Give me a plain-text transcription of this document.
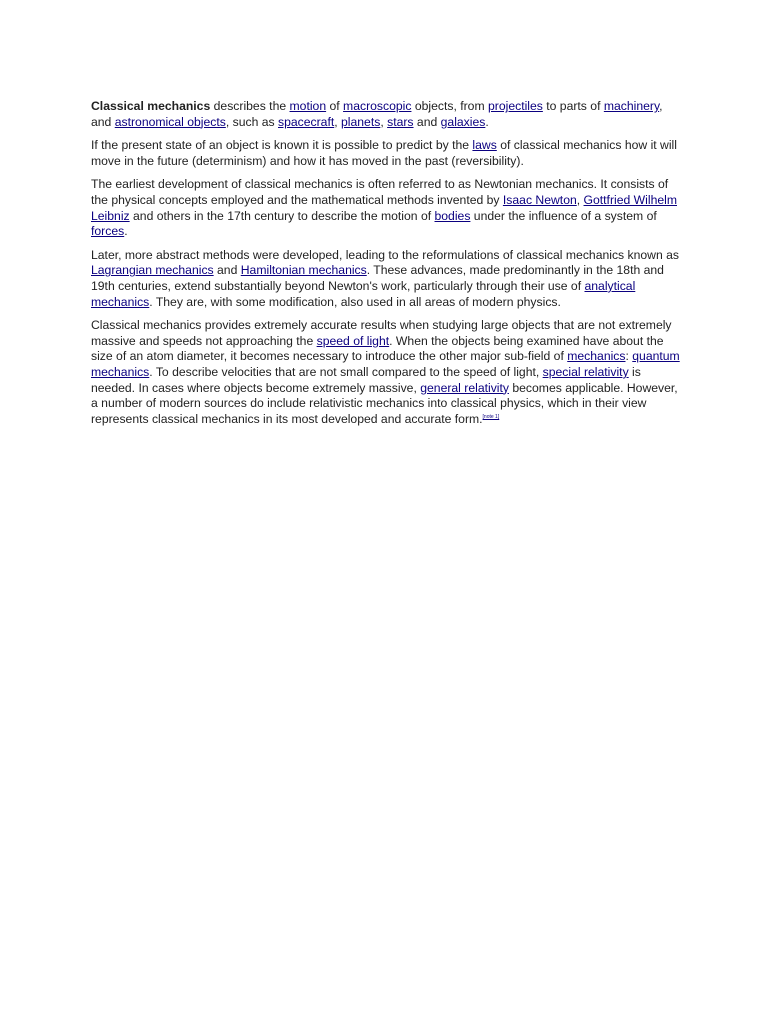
Classical mechanics describes the motion of macroscopic objects, from projectiles to parts of machinery, and astronomical objects, such as spacecraft, planets, stars and galaxies.

If the present state of an object is known it is possible to predict by the laws of classical mechanics how it will move in the future (determinism) and how it has moved in the past (reversibility).

The earliest development of classical mechanics is often referred to as Newtonian mechanics. It consists of the physical concepts employed and the mathematical methods invented by Isaac Newton, Gottfried Wilhelm Leibniz and others in the 17th century to describe the motion of bodies under the influence of a system of forces.

Later, more abstract methods were developed, leading to the reformulations of classical mechanics known as Lagrangian mechanics and Hamiltonian mechanics. These advances, made predominantly in the 18th and 19th centuries, extend substantially beyond Newton's work, particularly through their use of analytical mechanics. They are, with some modification, also used in all areas of modern physics.

Classical mechanics provides extremely accurate results when studying large objects that are not extremely massive and speeds not approaching the speed of light. When the objects being examined have about the size of an atom diameter, it becomes necessary to introduce the other major sub-field of mechanics: quantum mechanics. To describe velocities that are not small compared to the speed of light, special relativity is needed. In cases where objects become extremely massive, general relativity becomes applicable. However, a number of modern sources do include relativistic mechanics into classical physics, which in their view represents classical mechanics in its most developed and accurate form.[note 1]
